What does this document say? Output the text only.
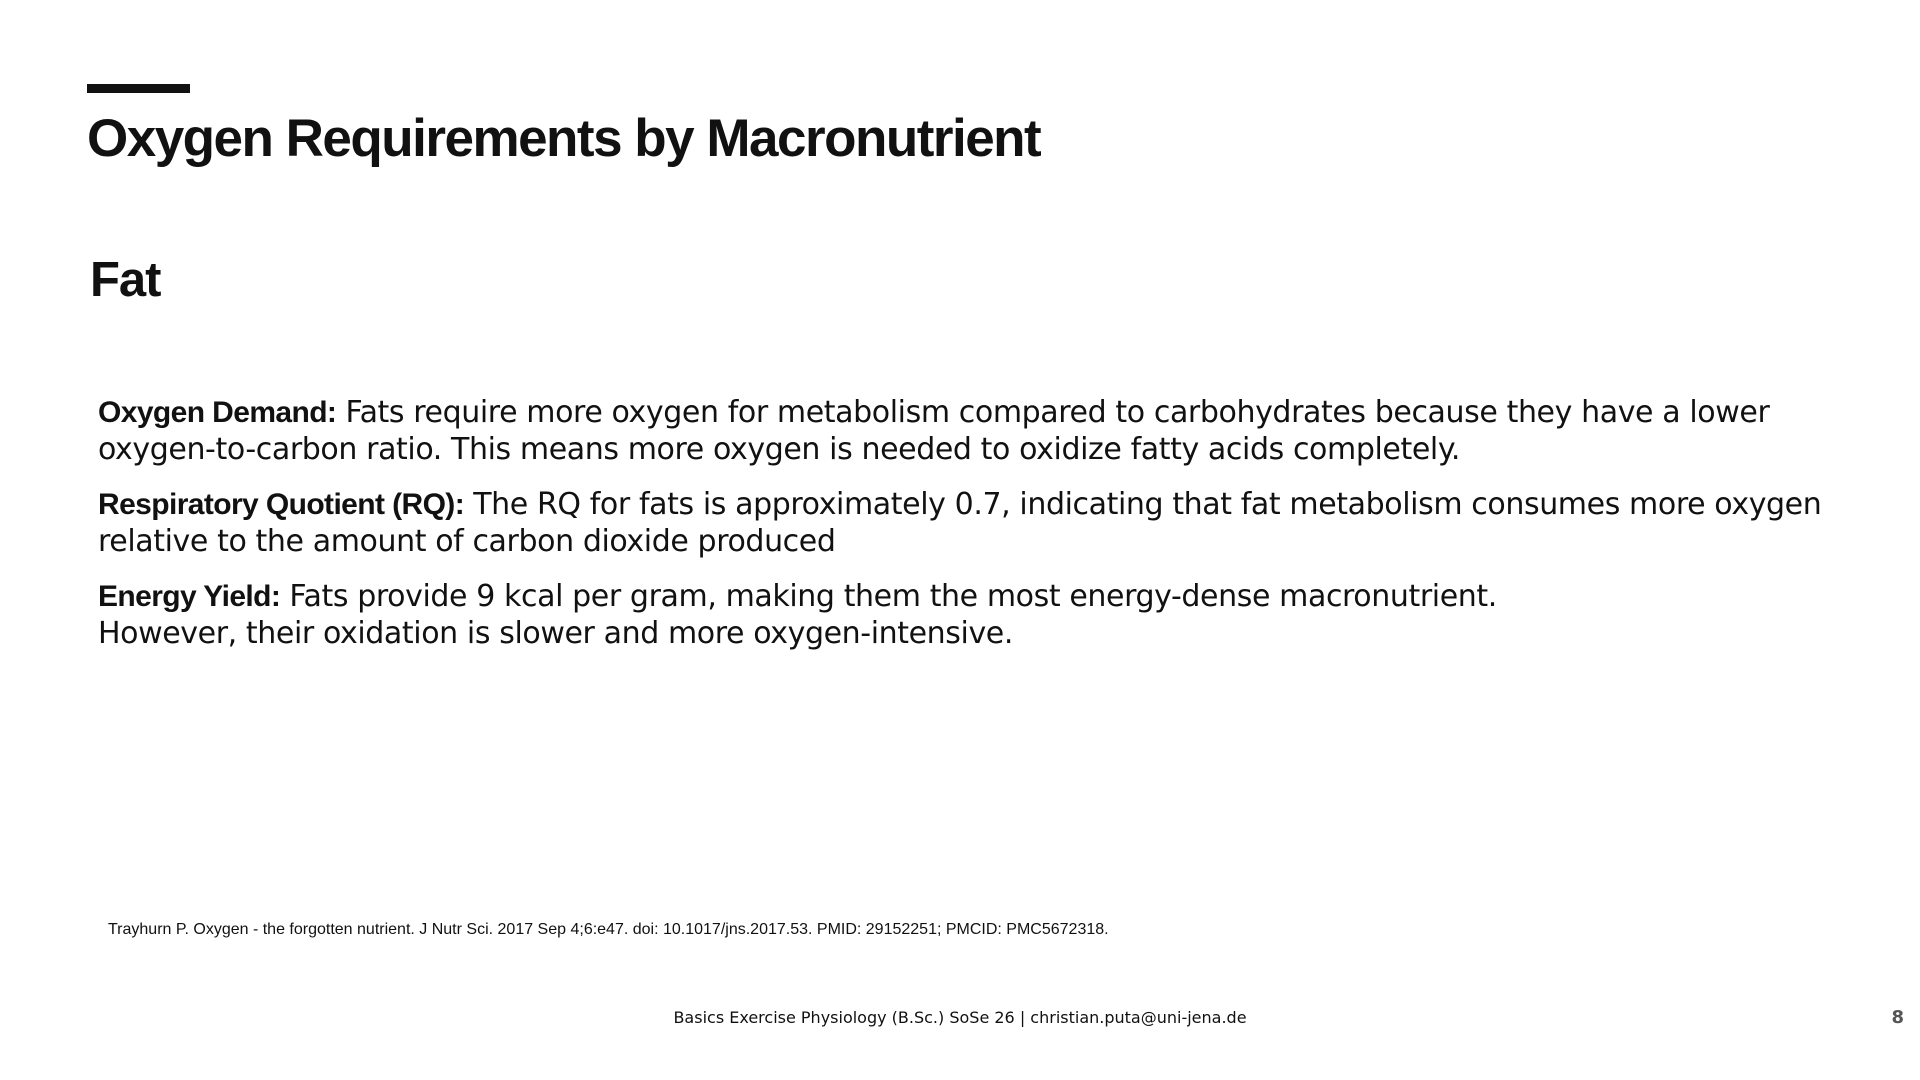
Oxygen Requirements by Macronutrient
Fat

Oxygen Demand: Fats require more oxygen for metabolism compared to carbohydrates because they have a lower
oxygen-to-carbon ratio. This means more oxygen is needed to oxidize fatty acids completely.

Respiratory Quotient (RQ): The RQ for fats is approximately 0.7, indicating that fat metabolism consumes more oxygen
relative to the amount of carbon dioxide produced

Energy Yield: Fats provide 9 kcal per gram, making them the most energy-dense macronutrient.
However, their oxidation is slower and more oxygen-intensive.

Trayhurn P. Oxygen - the forgotten nutrient. J Nutr Sci. 2017 Sep 4;6:e47. doi: 10.1017/jns.2017.53. PMID: 29152251; PMCID: PMC5672318.

Basics Exercise Physiology (B.Sc.) SoSe 26 | christian.puta@uni-jena.de	8
